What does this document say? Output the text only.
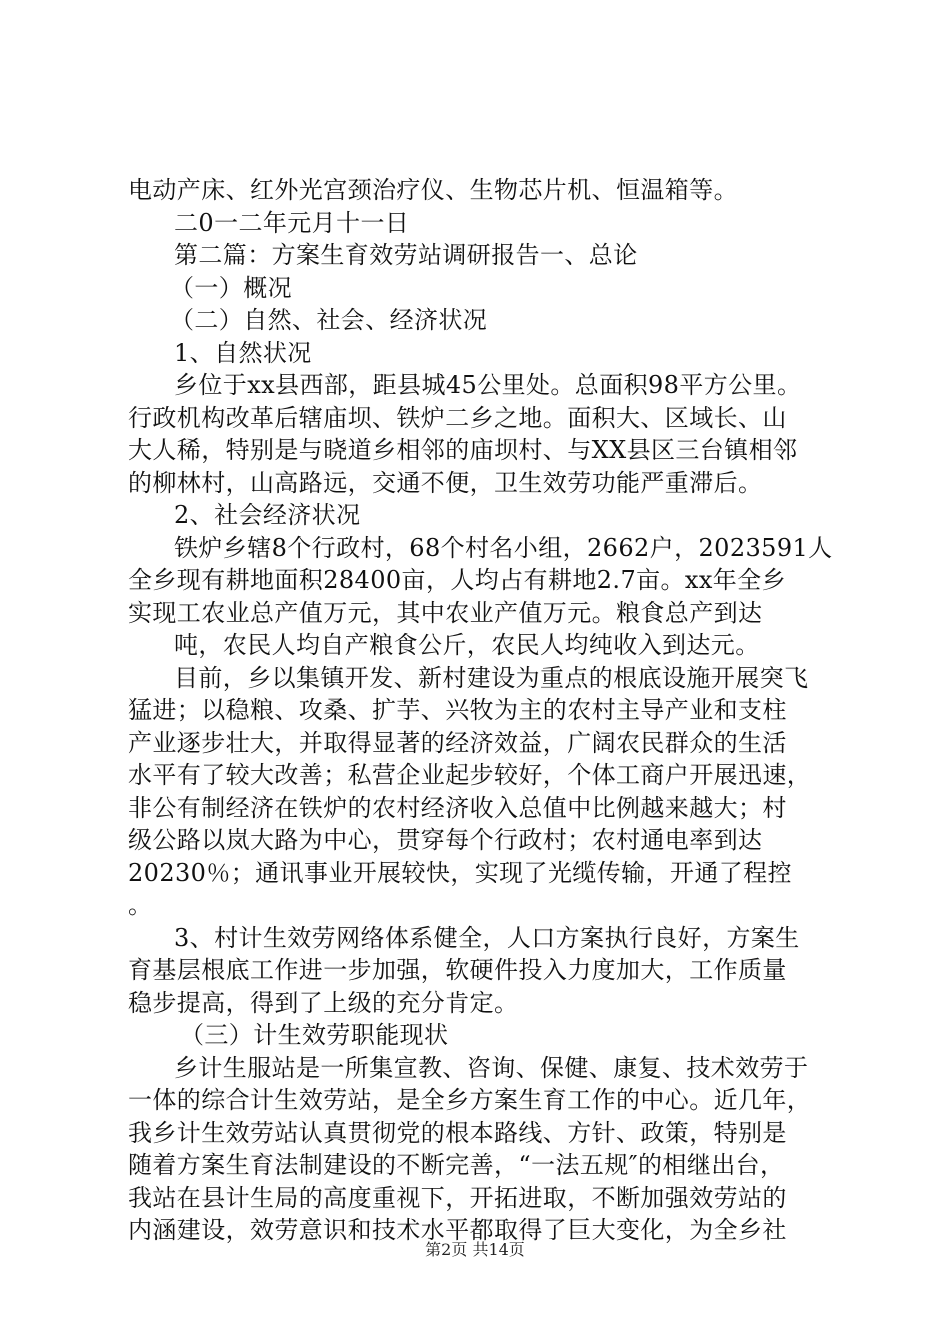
电动产床、红外光宫颈治疗仪、生物芯片机、恒温箱等。
二0一二年元月十一日
第二篇：方案生育效劳站调研报告一、总论
（一）概况
（二）自然、社会、经济状况
1、自然状况
乡位于xx县西部，距县城45公里处。总面积98平方公里。
行政机构改革后辖庙坝、铁炉二乡之地。面积大、区域长、山
大人稀，特别是与晓道乡相邻的庙坝村、与XX县区三台镇相邻
的柳林村，山高路远，交通不便，卫生效劳功能严重滞后。
2、社会经济状况
铁炉乡辖8个行政村，68个村名小组，2662户，2023591人
全乡现有耕地面积28400亩，人均占有耕地2.7亩。xx年全乡
实现工农业总产值万元，其中农业产值万元。粮食总产到达
吨，农民人均自产粮食公斤，农民人均纯收入到达元。
目前，乡以集镇开发、新村建设为重点的根底设施开展突飞
猛进；以稳粮、攻桑、扩芋、兴牧为主的农村主导产业和支柱
产业逐步壮大，并取得显著的经济效益，广阔农民群众的生活
水平有了较大改善；私营企业起步较好，个体工商户开展迅速，
非公有制经济在铁炉的农村经济收入总值中比例越来越大；村
级公路以岚大路为中心，贯穿每个行政村；农村通电率到达
20230％；通讯事业开展较快，实现了光缆传输，开通了程控
。
3、村计生效劳网络体系健全，人口方案执行良好，方案生
育基层根底工作进一步加强，软硬件投入力度加大，工作质量
稳步提高，得到了上级的充分肯定。
（三）计生效劳职能现状
乡计生服站是一所集宣教、咨询、保健、康复、技术效劳于
一体的综合计生效劳站，是全乡方案生育工作的中心。近几年，
我乡计生效劳站认真贯彻党的根本路线、方针、政策，特别是
随着方案生育法制建设的不断完善，“一法五规″的相继出台，
我站在县计生局的高度重视下，开拓进取，不断加强效劳站的
内涵建设，效劳意识和技术水平都取得了巨大变化，为全乡社
第2页 共14页
